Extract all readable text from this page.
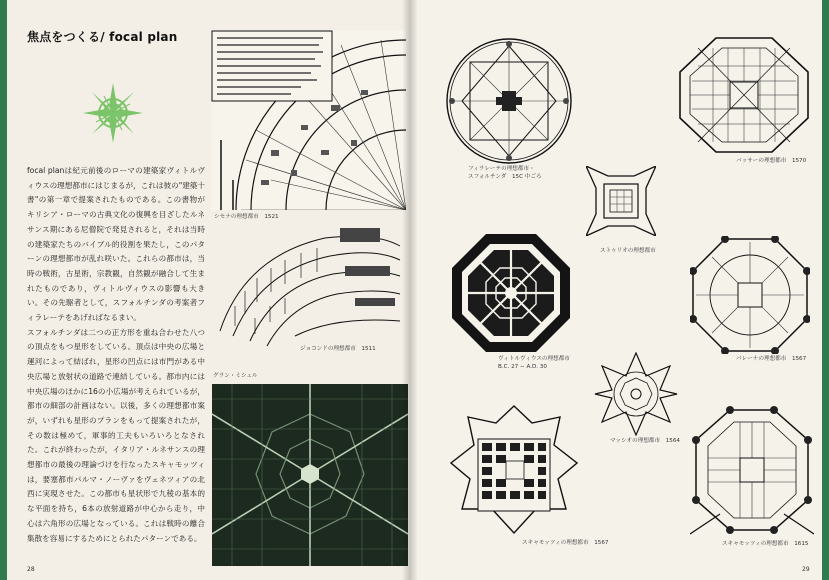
焦点をつくる/ focal plan

focal planは紀元前後のローマの建築家ヴィトルヴィウスの理想都市にはじまるが，これは彼の"建築十書"の第一章で提案されたものである。この書物がキリシア・ローマの古典文化の復興を目ざしたルネサンス期にある尼僧院で発見されると，それは当時の建築家たちのバイブル的役割を果たし，このパターンの理想都市が乱れ咲いた。これらの都市は，当時の戦術，古星術，宗教観，自然観が融合して生まれたものであり，ヴィトルヴィウスの影響も大きい。その先駆者として，スフォルチンダの考案者フィラレーテをあげればなるまい。

スフォルチンダは二つの正方形を重ね合わせた八つの頂点をもつ星形をしている。頂点は中央の広場と運河によって結ばれ，星形の凹点には市門がある中央広場と放射状の道路で連結している。都市内には中央広場のほかに16の小広場が考えられているが，都市の細部の計画はない。以後，多くの理想都市案が，いずれも星形のプランをもって提案されたが，その数は極めて，軍事的工夫もいろいろとなされた。これが終わったが，イタリア・ルネサンスの理想都市の最後の理論づけを行なったスキャモッツィは，要塞都市パルマ・ノーヴァをヴェネツィアの北西に実現させた。この都市も星状形で九稜の基本的な平面を持ち，6本の放射道路が中心から走り，中心は六角形の広場となっている。これは戦時の離合集散を容易にするためにとられたパターンである。

シセナの理想都市　1521
ジョコンドの理想都市　1511
グラン・ミシェル
28
フィラレーテの理想都市・
スフォルチンダ　15C 中ごろ
バッサーの理想都市　1570
ストゥリオの理想都市
ヴィトルヴィウスの理想都市
B.C. 27 − A.D. 30
パレーナの理想都市　1567
マッシオの理想都市　1564
スキャモッツィの理想都市　1567	スキャモッツィの理想都市　1615
29
